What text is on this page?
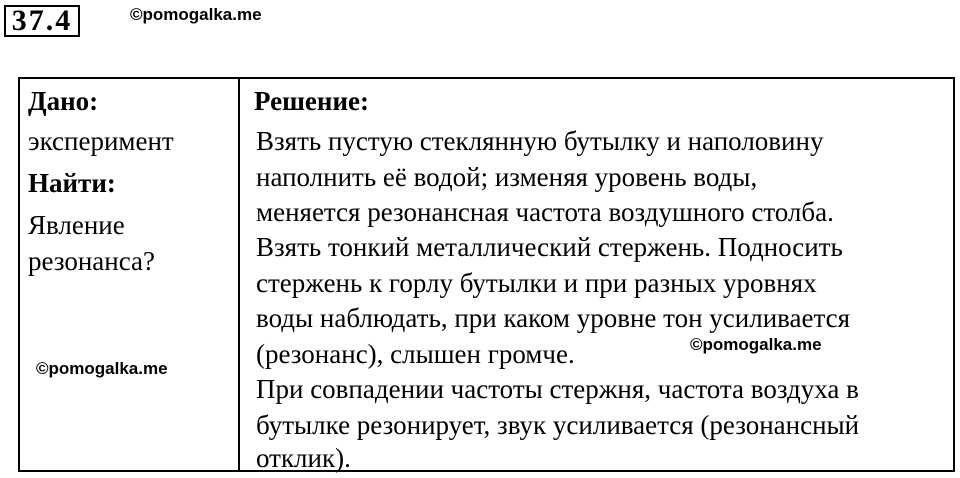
37.4	©pomogalka.me
Дано:
эксперимент
Найти:
Явление
резонанса?
Решение:
Взять пустую стеклянную бутылку и наполовину
наполнить её водой; изменяя уровень воды,
меняется резонансная частота воздушного столба.
Взять тонкий металлический стержень. Подносить
стержень к горлу бутылки и при разных уровнях
воды наблюдать, при каком уровне тон усиливается
(резонанс), слышен громче.
При совпадении частоты стержня, частота воздуха в
бутылке резонирует, звук усиливается (резонансный
отклик).
©pomogalka.me
©pomogalka.me
